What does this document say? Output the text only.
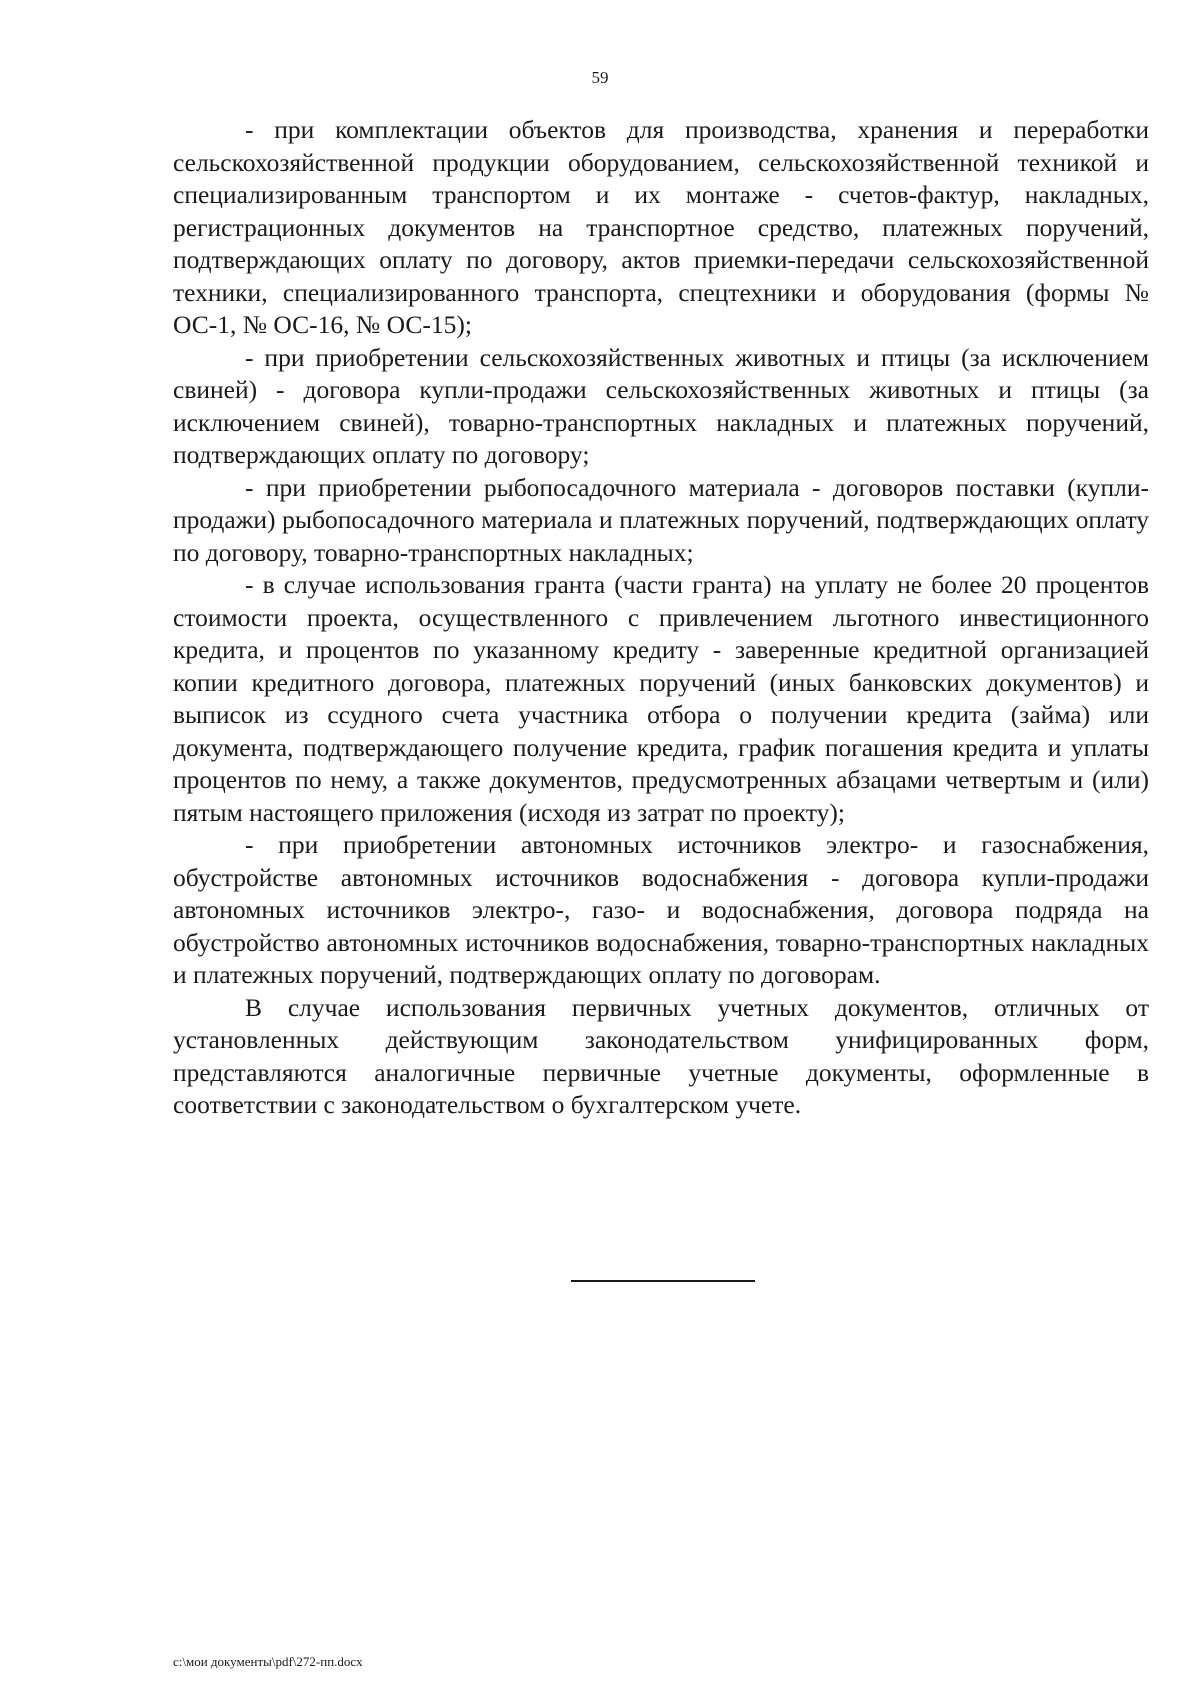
59

- при комплектации объектов для производства, хранения и переработки сельскохозяйственной продукции оборудованием, сельскохозяйственной техникой и специализированным транспортом и их монтаже - счетов-фактур, накладных, регистрационных документов на транспортное средство, платежных поручений, подтверждающих оплату по договору, актов приемки-передачи сельскохозяйственной техники, специализированного транспорта, спецтехники и оборудования (формы № ОС-1, № ОС-16, № ОС-15);

- при приобретении сельскохозяйственных животных и птицы (за исключением свиней) - договора купли-продажи сельскохозяйственных животных и птицы (за исключением свиней), товарно-транспортных накладных и платежных поручений, подтверждающих оплату по договору;

- при приобретении рыбопосадочного материала - договоров поставки (купли-продажи) рыбопосадочного материала и платежных поручений, подтверждающих оплату по договору, товарно-транспортных накладных;

- в случае использования гранта (части гранта) на уплату не более 20 процентов стоимости проекта, осуществленного с привлечением льготного инвестиционного кредита, и процентов по указанному кредиту - заверенные кредитной организацией копии кредитного договора, платежных поручений (иных банковских документов) и выписок из ссудного счета участника отбора о получении кредита (займа) или документа, подтверждающего получение кредита, график погашения кредита и уплаты процентов по нему, а также документов, предусмотренных абзацами четвертым и (или) пятым настоящего приложения (исходя из затрат по проекту);

- при приобретении автономных источников электро- и газоснабжения, обустройстве автономных источников водоснабжения - договора купли-продажи автономных источников электро-, газо- и водоснабжения, договора подряда на обустройство автономных источников водоснабжения, товарно-транспортных накладных и платежных поручений, подтверждающих оплату по договорам.

В случае использования первичных учетных документов, отличных от установленных действующим законодательством унифицированных форм, представляются аналогичные первичные учетные документы, оформленные в соответствии с законодательством о бухгалтерском учете.

c:\мои документы\pdf\272-пп.docx
